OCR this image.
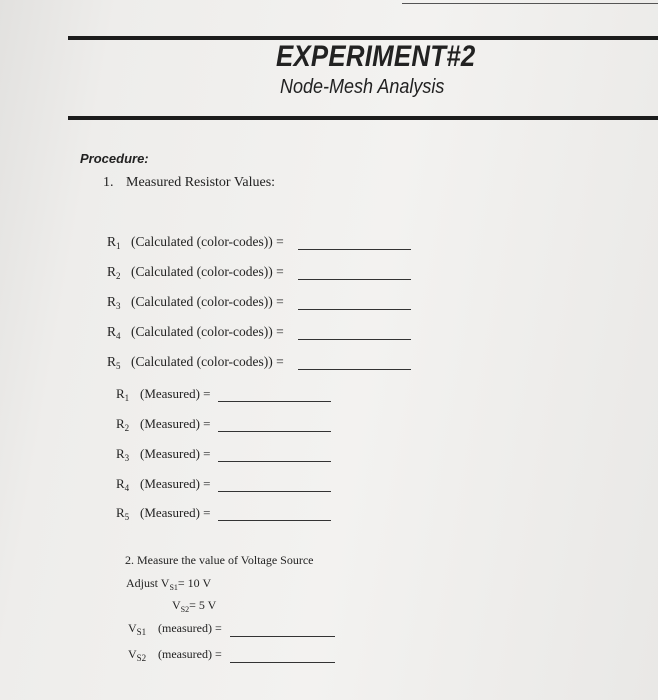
EXPERIMENT#2
Node-Mesh Analysis
Procedure:
1. Measured Resistor Values:
$R_1$ (Calculated (color-codes)) =
$R_2$ (Calculated (color-codes)) =
$R_3$ (Calculated (color-codes)) =
$R_4$ (Calculated (color-codes)) =
$R_5$ (Calculated (color-codes)) =
$R_1$ (Measured) =
$R_2$ (Measured) =
$R_3$ (Measured) =
$R_4$ (Measured) =
$R_5$ (Measured) =
2. Measure the value of Voltage Source
Adjust $V_{S1}= 10$ V
$V_{S2}= 5$ V
$V_{S1}$ (measured) =
$V_{S2}$ (measured) =
